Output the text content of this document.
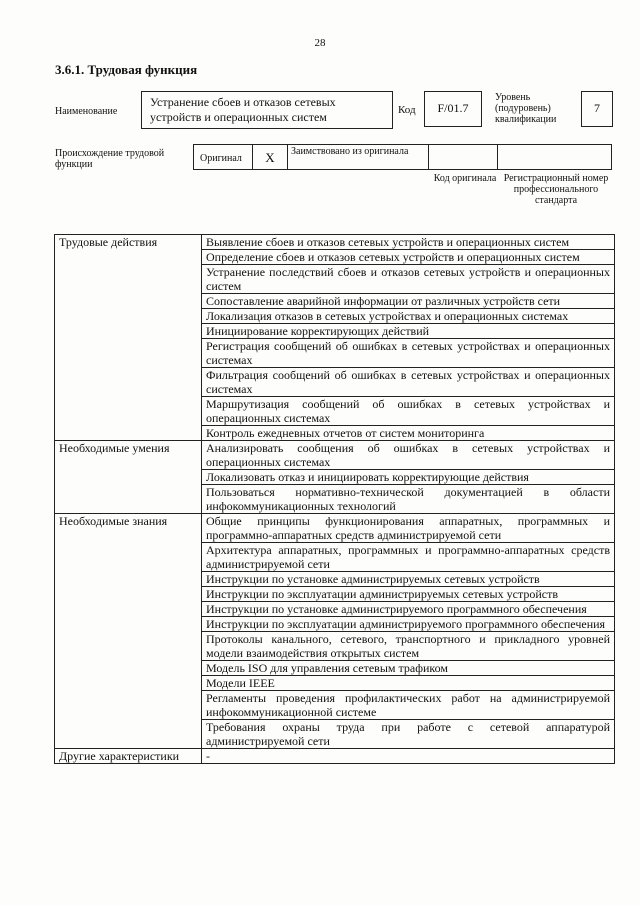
28
3.6.1. Трудовая функция
Наименование
Устранение сбоев и отказов сетевых устройств и операционных систем	Код	F/01.7
Уровень (подуровень) квалификации
7
Происхождение трудовой функции
Оригинал	X	Заимствовано из оригинала
Код оригинала Регистрационный номер профессионального стандарта
Трудовые действия	Выявление сбоев и отказов сетевых устройств и операционных систем
	Определение сбоев и отказов сетевых устройств и операционных систем
	Устранение последствий сбоев и отказов сетевых устройств и операционных систем
	Сопоставление аварийной информации от различных устройств сети
	Локализация отказов в сетевых устройствах и операционных системах
	Инициирование корректирующих действий
	Регистрация сообщений об ошибках в сетевых устройствах и операционных системах
	Фильтрация сообщений об ошибках в сетевых устройствах и операционных системах
	Маршрутизация сообщений об ошибках в сетевых устройствах и операционных системах
	Контроль ежедневных отчетов от систем мониторинга
Необходимые умения	Анализировать сообщения об ошибках в сетевых устройствах и операционных системах
	Локализовать отказ и инициировать корректирующие действия
	Пользоваться нормативно-технической документацией в области инфокоммуникационных технологий
Необходимые знания	Общие принципы функционирования аппаратных, программных и программно-аппаратных средств администрируемой сети
	Архитектура аппаратных, программных и программно-аппаратных средств администрируемой сети
	Инструкции по установке администрируемых сетевых устройств
	Инструкции по эксплуатации администрируемых сетевых устройств
	Инструкции по установке администрируемого программного обеспечения
	Инструкции по эксплуатации администрируемого программного обеспечения
	Протоколы канального, сетевого, транспортного и прикладного уровней модели взаимодействия открытых систем
	Модель ISO для управления сетевым трафиком
	Модели IEEE
	Регламенты проведения профилактических работ на администрируемой инфокоммуникационной системе
	Требования охраны труда при работе с сетевой аппаратурой администрируемой сети
Другие характеристики	-
